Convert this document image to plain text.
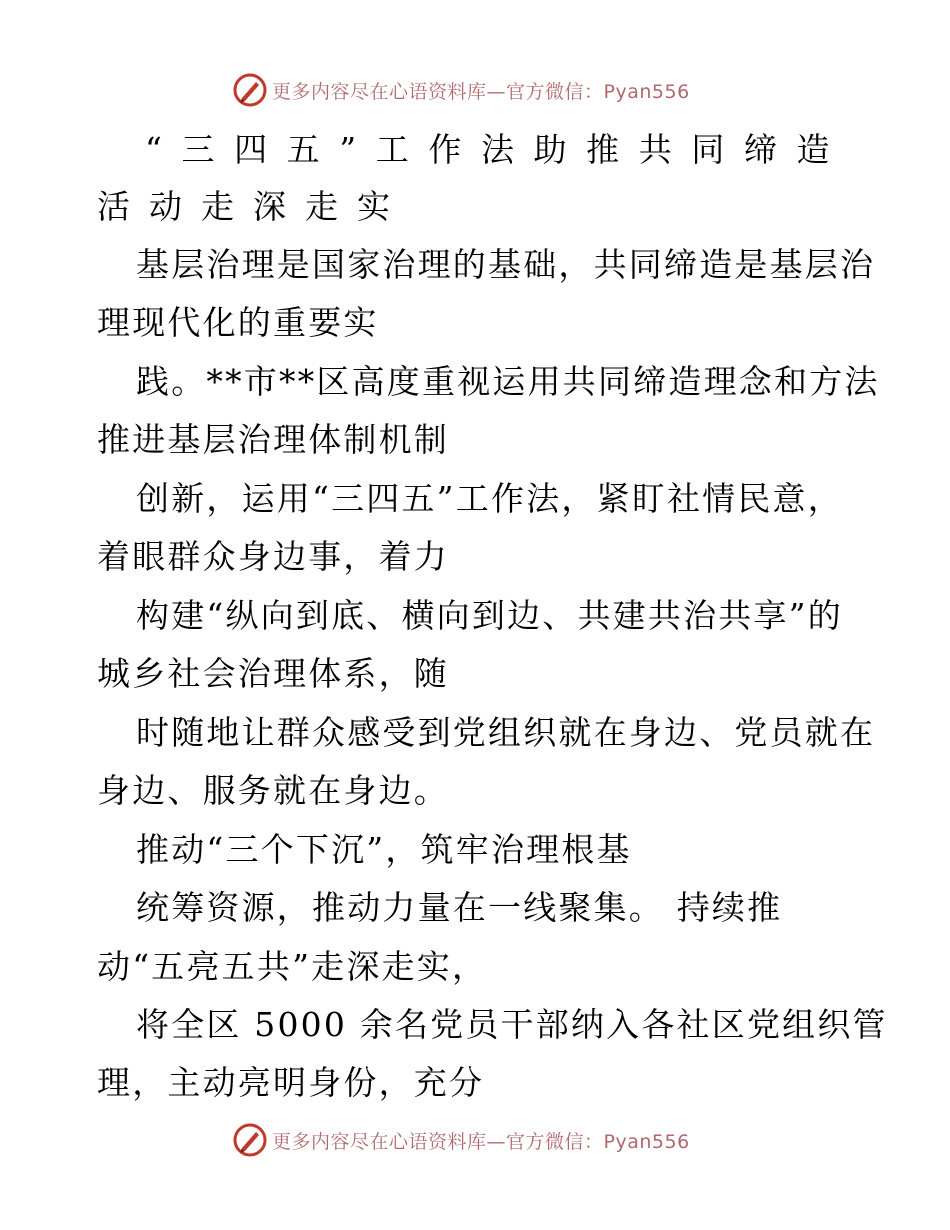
更多内容尽在心语资料库—官方微信：Pyan556
“三四五”工作法助推共同缔造
活动走深走实
基层治理是国家治理的基础，共同缔造是基层治
理现代化的重要实
践。**市**区高度重视运用共同缔造理念和方法
推进基层治理体制机制
创新，运用“三四五”工作法，紧盯社情民意，
着眼群众身边事，着力
构建“纵向到底、横向到边、共建共治共享”的
城乡社会治理体系，随
时随地让群众感受到党组织就在身边、党员就在
身边、服务就在身边。
推动“三个下沉”，筑牢治理根基
统筹资源，推动力量在一线聚集。 持续推
动“五亮五共”走深走实，
将全区 5000 余名党员干部纳入各社区党组织管
理，主动亮明身份，充分
更多内容尽在心语资料库—官方微信：Pyan556
